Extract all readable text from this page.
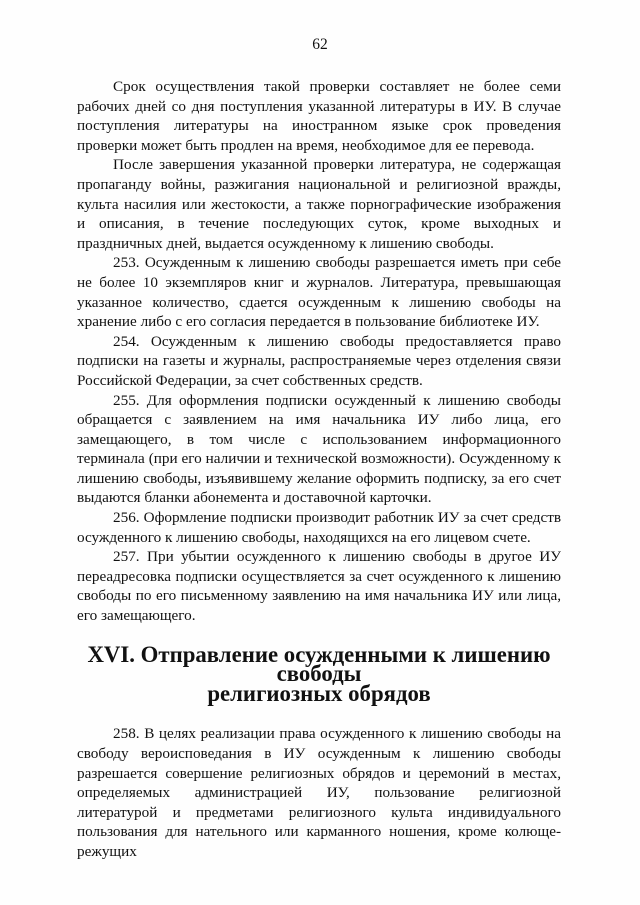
62

Срок осуществления такой проверки составляет не более семи рабочих дней со дня поступления указанной литературы в ИУ. В случае поступления литературы на иностранном языке срок проведения проверки может быть продлен на время, необходимое для ее перевода.

После завершения указанной проверки литература, не содержащая пропаганду войны, разжигания национальной и религиозной вражды, культа насилия или жестокости, а также порнографические изображения и описания, в течение последующих суток, кроме выходных и праздничных дней, выдается осужденному к лишению свободы.

253. Осужденным к лишению свободы разрешается иметь при себе не более 10 экземпляров книг и журналов. Литература, превышающая указанное количество, сдается осужденным к лишению свободы на хранение либо с его согласия передается в пользование библиотеке ИУ.

254. Осужденным к лишению свободы предоставляется право подписки на газеты и журналы, распространяемые через отделения связи Российской Федерации, за счет собственных средств.

255. Для оформления подписки осужденный к лишению свободы обращается с заявлением на имя начальника ИУ либо лица, его замещающего, в том числе с использованием информационного терминала (при его наличии и технической возможности). Осужденному к лишению свободы, изъявившему желание оформить подписку, за его счет выдаются бланки абонемента и доставочной карточки.

256. Оформление подписки производит работник ИУ за счет средств осужденного к лишению свободы, находящихся на его лицевом счете.

257. При убытии осужденного к лишению свободы в другое ИУ переадресовка подписки осуществляется за счет осужденного к лишению свободы по его письменному заявлению на имя начальника ИУ или лица, его замещающего.

XVI. Отправление осужденными к лишению свободы
религиозных обрядов

258. В целях реализации права осужденного к лишению свободы на свободу вероисповедания в ИУ осужденным к лишению свободы разрешается совершение религиозных обрядов и церемоний в местах, определяемых администрацией ИУ, пользование религиозной литературой и предметами религиозного культа индивидуального пользования для нательного или карманного ношения, кроме колюще-режущих
